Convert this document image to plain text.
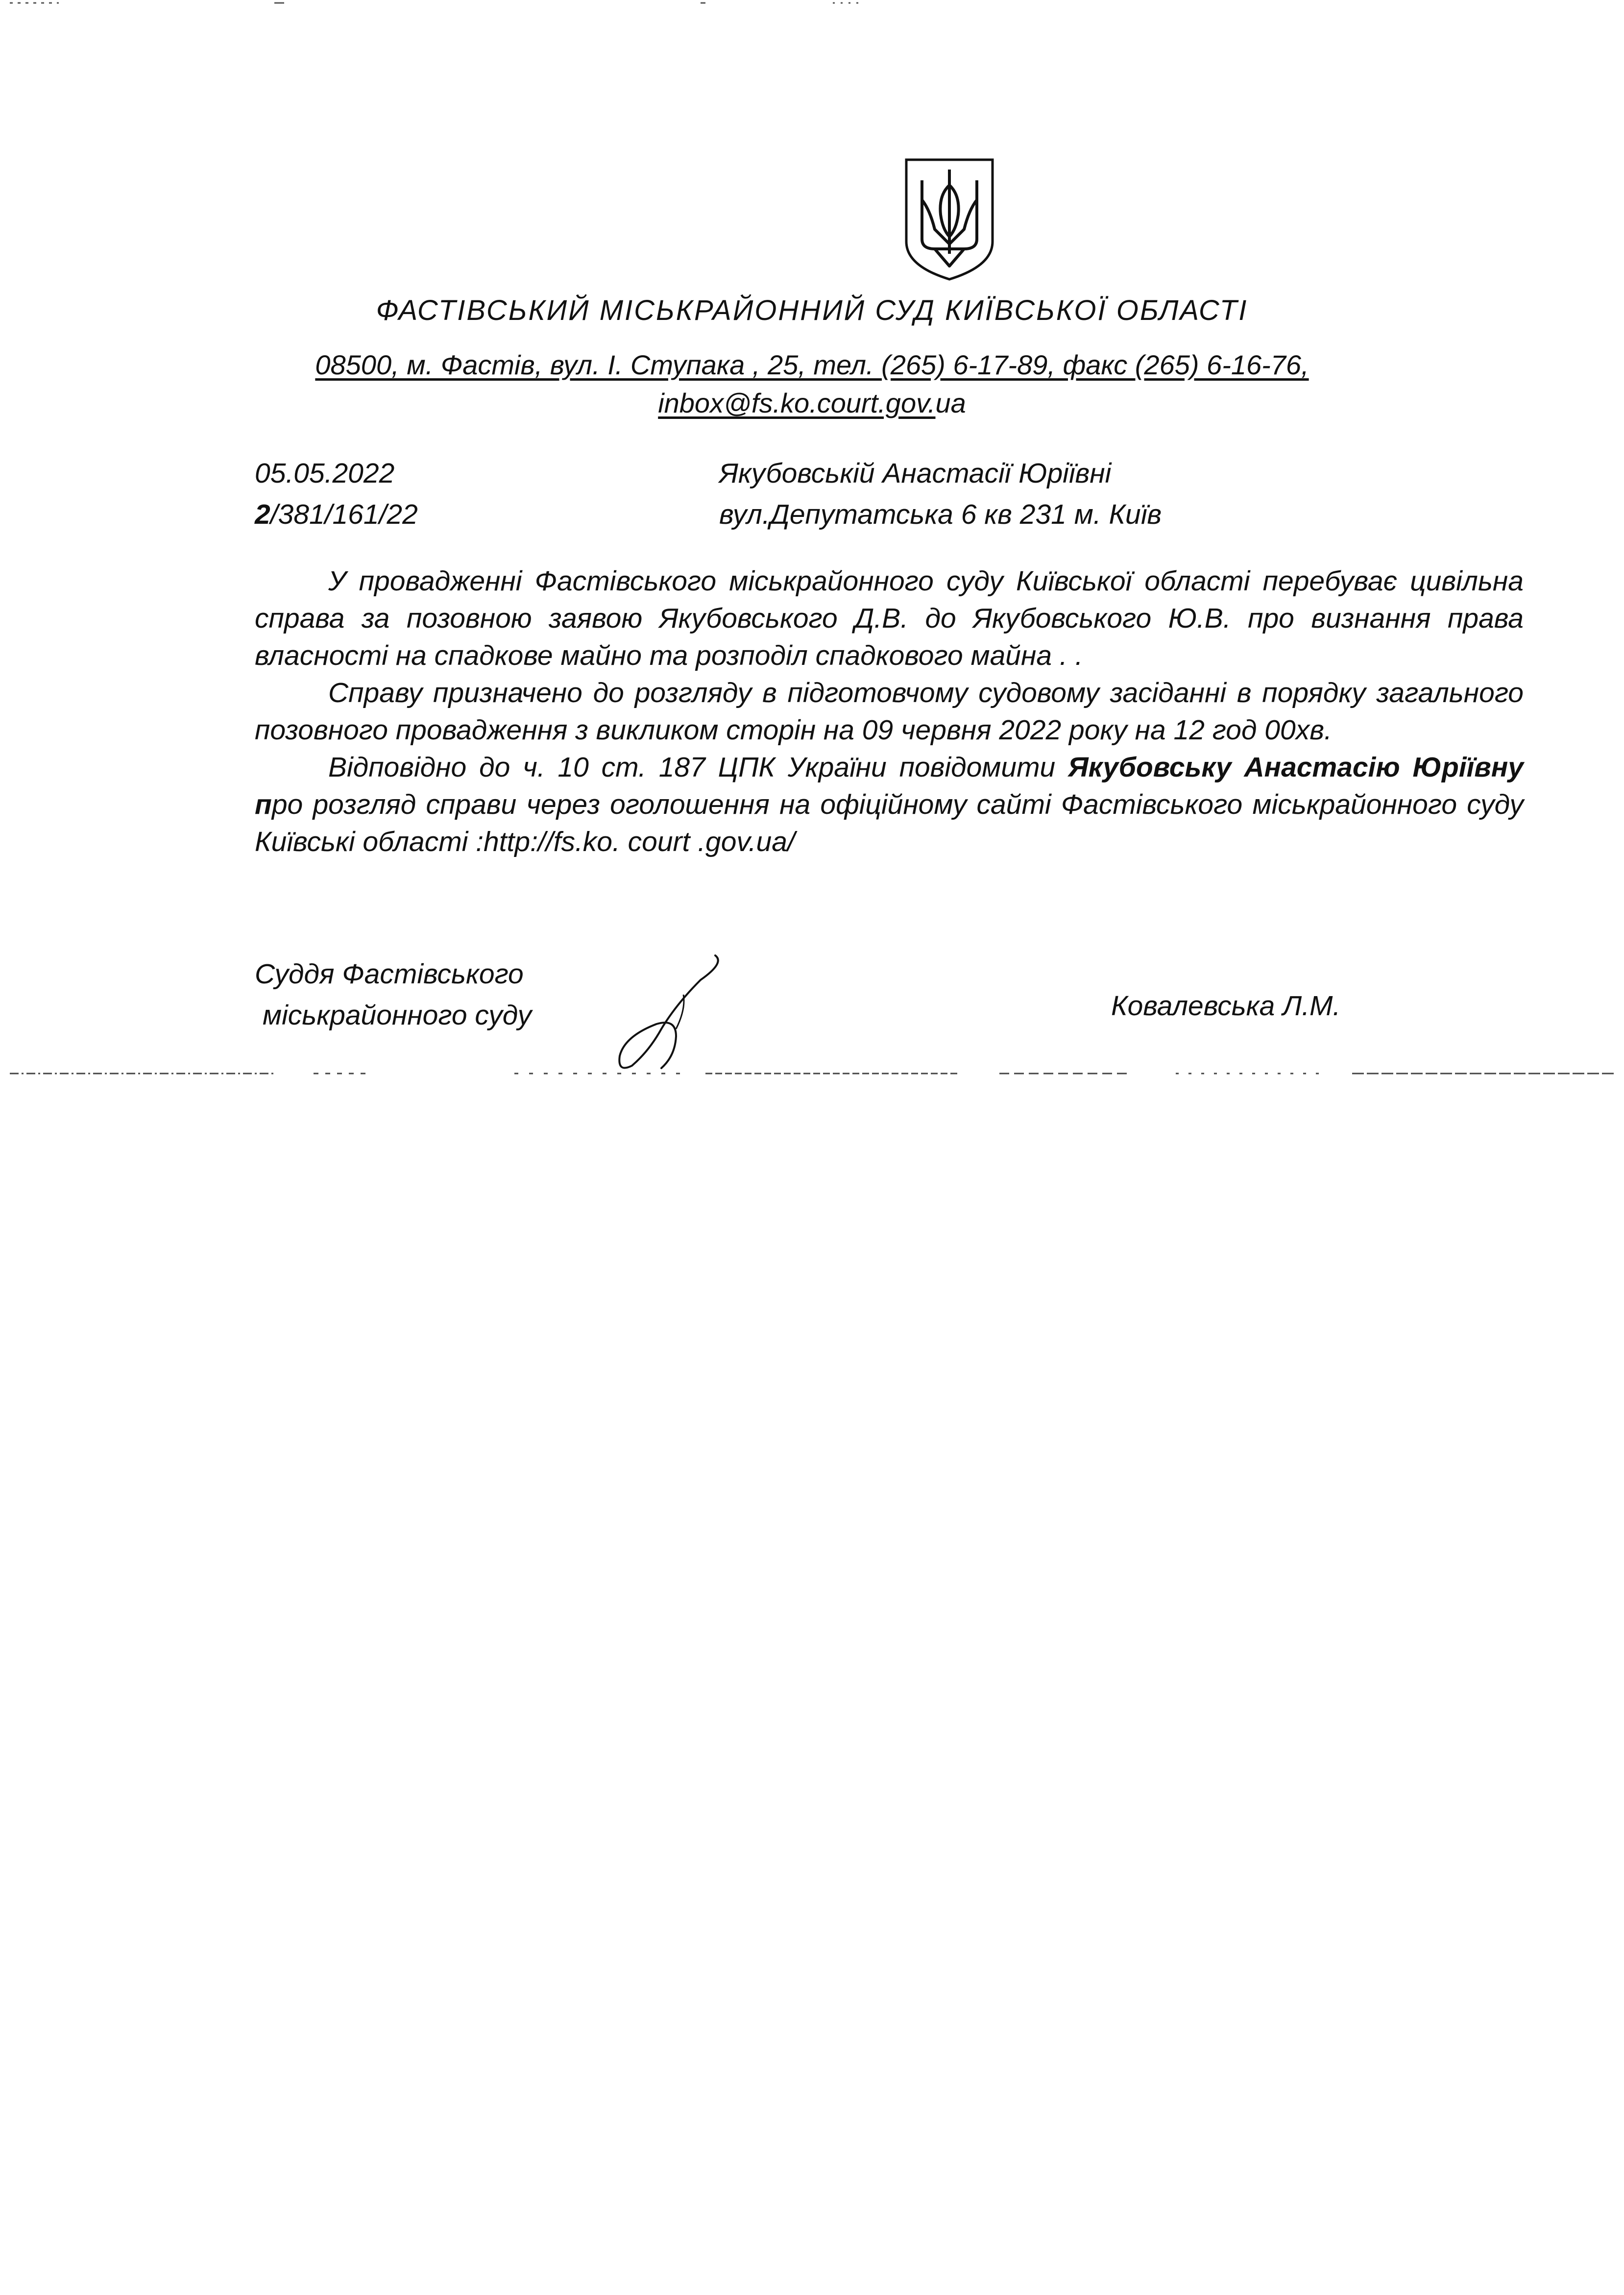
ФАСТІВСЬКИЙ МІСЬКРАЙОННИЙ СУД КИЇВСЬКОЇ ОБЛАСТІ
08500, м. Фастів, вул. І. Ступака , 25, тел. (265) 6-17-89, факс (265) 6-16-76,
inbox@fs.ko.court.gov.ua
05.05.2022
2/381/161/22
Якубовській Анастасії Юріївні
вул.Депутатська 6 кв 231 м. Київ

У провадженні Фастівського міськрайонного суду Київської області перебуває цивільна справа за позовною заявою Якубовського Д.В. до Якубовського Ю.В. про визнання права власності на спадкове майно та розподіл спадкового майна . .

Справу призначено до розгляду в підготовчому судовому засіданні в порядку загального позовного провадження з викликом сторін на 09 червня 2022 року на 12 год 00хв.

Відповідно до ч. 10 ст. 187 ЦПК України повідомити Якубовську Анастасію Юріївну про розгляд справи через оголошення на офіційному сайті Фастівського міськрайонного суду Київські області :http://fs.ko. court .gov.ua/

Суддя Фастівського
міськрайонного суду	Ковалевська Л.М.
